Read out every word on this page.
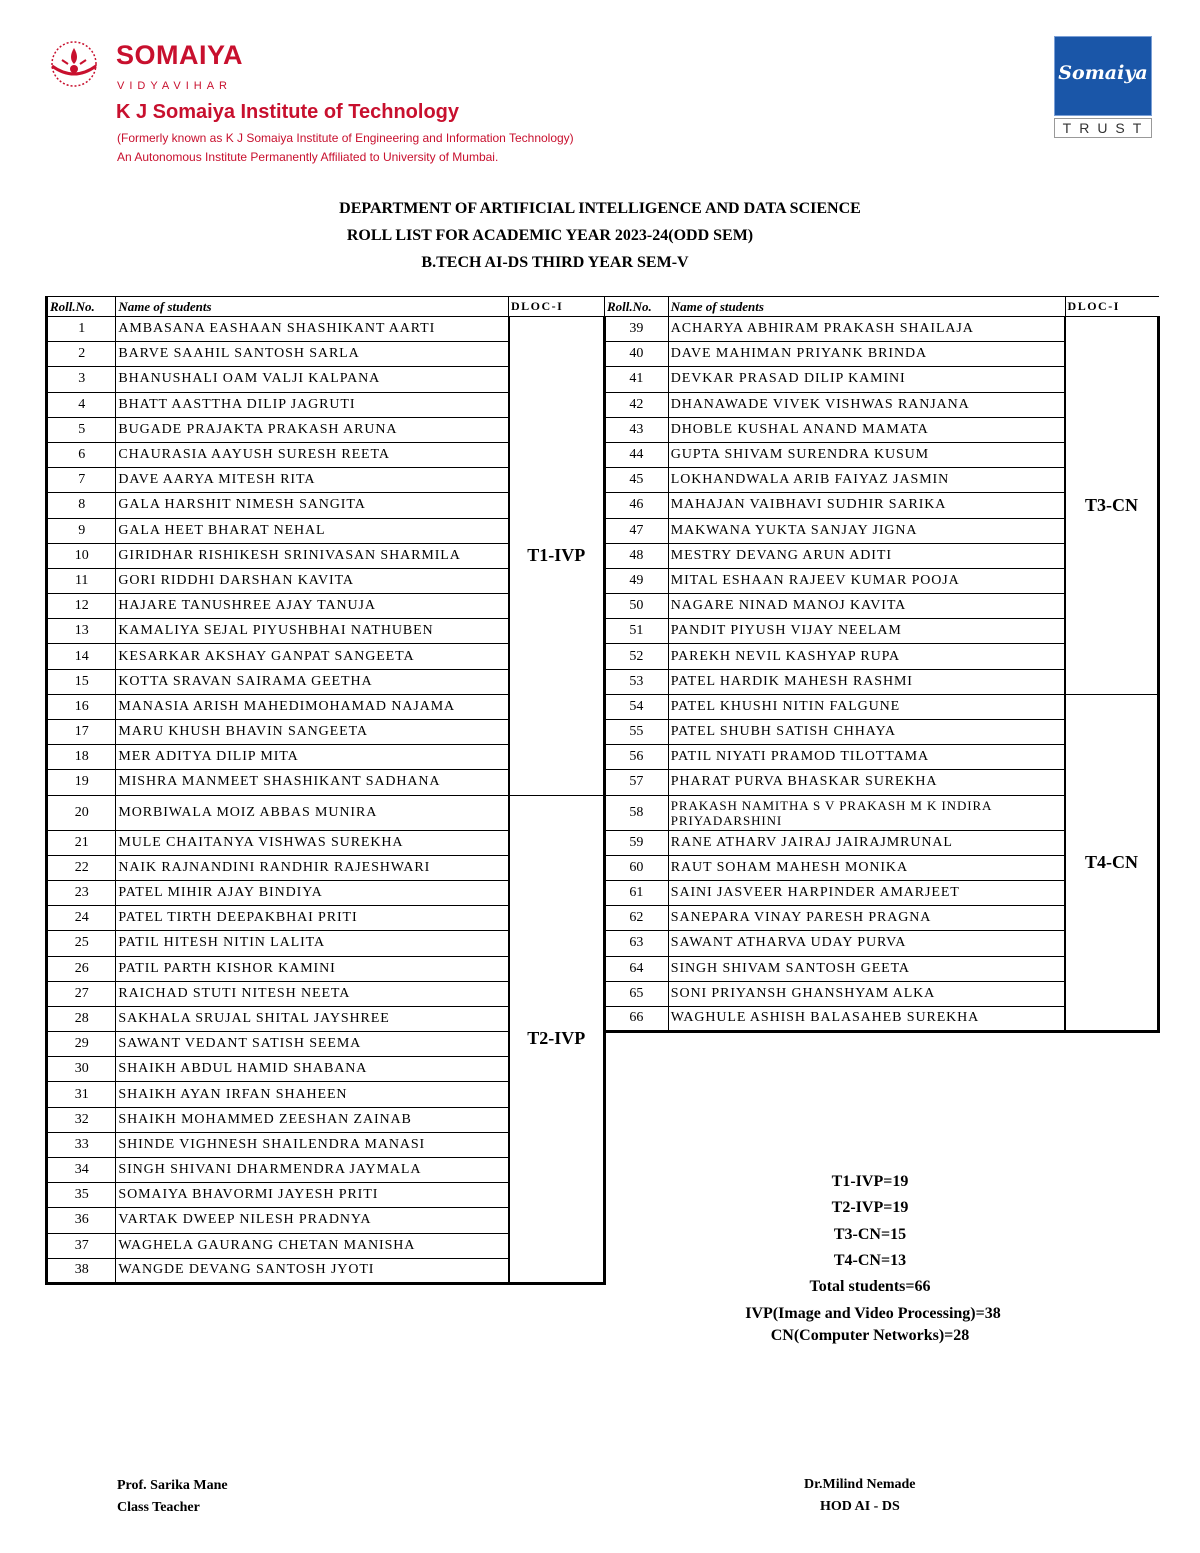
SOMAIYA
VIDYAVIHAR
K J Somaiya Institute of Technology
(Formerly known as K J Somaiya Institute of Engineering and Information Technology)
An Autonomous Institute Permanently Affiliated to University of Mumbai.
Somaiya
TRUST
DEPARTMENT OF ARTIFICIAL INTELLIGENCE AND DATA SCIENCE
ROLL LIST FOR ACADEMIC YEAR 2023-24(ODD SEM)
B.TECH AI-DS THIRD YEAR SEM-V
Roll.No.	Name of students	DLOC-I
1	AMBASANA EASHAAN SHASHIKANT AARTI	T1-IVP
2	BARVE SAAHIL SANTOSH SARLA	
3	BHANUSHALI OAM VALJI KALPANA	
4	BHATT AASTTHA DILIP JAGRUTI	
5	BUGADE PRAJAKTA PRAKASH ARUNA	
6	CHAURASIA AAYUSH SURESH REETA	
7	DAVE AARYA MITESH RITA	
8	GALA HARSHIT NIMESH SANGITA	
9	GALA HEET BHARAT NEHAL	
10	GIRIDHAR RISHIKESH SRINIVASAN SHARMILA	
11	GORI RIDDHI DARSHAN KAVITA	
12	HAJARE TANUSHREE AJAY TANUJA	
13	KAMALIYA SEJAL PIYUSHBHAI NATHUBEN	
14	KESARKAR AKSHAY GANPAT SANGEETA	
15	KOTTA SRAVAN SAIRAMA GEETHA	
16	MANASIA ARISH MAHEDIMOHAMAD NAJAMA	
17	MARU KHUSH BHAVIN SANGEETA	
18	MER ADITYA DILIP MITA	
19	MISHRA MANMEET SHASHIKANT SADHANA	
20	MORBIWALA MOIZ ABBAS MUNIRA	T2-IVP
21	MULE CHAITANYA VISHWAS SUREKHA	
22	NAIK RAJNANDINI RANDHIR RAJESHWARI	
23	PATEL MIHIR AJAY BINDIYA	
24	PATEL TIRTH DEEPAKBHAI PRITI	
25	PATIL HITESH NITIN LALITA	
26	PATIL PARTH KISHOR KAMINI	
27	RAICHAD STUTI NITESH NEETA	
28	SAKHALA SRUJAL SHITAL JAYSHREE	
29	SAWANT VEDANT SATISH SEEMA	
30	SHAIKH ABDUL HAMID SHABANA	
31	SHAIKH AYAN IRFAN SHAHEEN	
32	SHAIKH MOHAMMED ZEESHAN ZAINAB	
33	SHINDE VIGHNESH SHAILENDRA MANASI	
34	SINGH SHIVANI DHARMENDRA JAYMALA	
35	SOMAIYA BHAVORMI JAYESH PRITI	
36	VARTAK DWEEP NILESH PRADNYA	
37	WAGHELA GAURANG CHETAN MANISHA	
38	WANGDE DEVANG SANTOSH JYOTI	
Roll.No.	Name of students	DLOC-I
39	ACHARYA ABHIRAM PRAKASH SHAILAJA	T3-CN
40	DAVE MAHIMAN PRIYANK BRINDA	
41	DEVKAR PRASAD DILIP KAMINI	
42	DHANAWADE VIVEK VISHWAS RANJANA	
43	DHOBLE KUSHAL ANAND MAMATA	
44	GUPTA SHIVAM SURENDRA KUSUM	
45	LOKHANDWALA ARIB FAIYAZ JASMIN	
46	MAHAJAN VAIBHAVI SUDHIR SARIKA	
47	MAKWANA YUKTA SANJAY JIGNA	
48	MESTRY DEVANG ARUN ADITI	
49	MITAL ESHAAN RAJEEV KUMAR POOJA	
50	NAGARE NINAD MANOJ KAVITA	
51	PANDIT PIYUSH VIJAY NEELAM	
52	PAREKH NEVIL KASHYAP RUPA	
53	PATEL HARDIK MAHESH RASHMI	
54	PATEL KHUSHI NITIN FALGUNE	T4-CN
55	PATEL SHUBH SATISH CHHAYA	
56	PATIL NIYATI PRAMOD TILOTTAMA	
57	PHARAT PURVA BHASKAR SUREKHA	
58	PRAKASH NAMITHA S V PRAKASH M K INDIRA PRIYADARSHINI	
59	RANE ATHARV JAIRAJ JAIRAJMRUNAL	
60	RAUT SOHAM MAHESH MONIKA	
61	SAINI JASVEER HARPINDER AMARJEET	
62	SANEPARA VINAY PARESH PRAGNA	
63	SAWANT ATHARVA UDAY PURVA	
64	SINGH SHIVAM SANTOSH GEETA	
65	SONI PRIYANSH GHANSHYAM ALKA	
66	WAGHULE ASHISH BALASAHEB SUREKHA	
T1-IVP=19
T2-IVP=19
T3-CN=15
T4-CN=13
Total students=66
IVP(Image and Video Processing)=38
CN(Computer Networks)=28
Prof. Sarika Mane
Class Teacher
Dr.Milind Nemade
HOD AI - DS
